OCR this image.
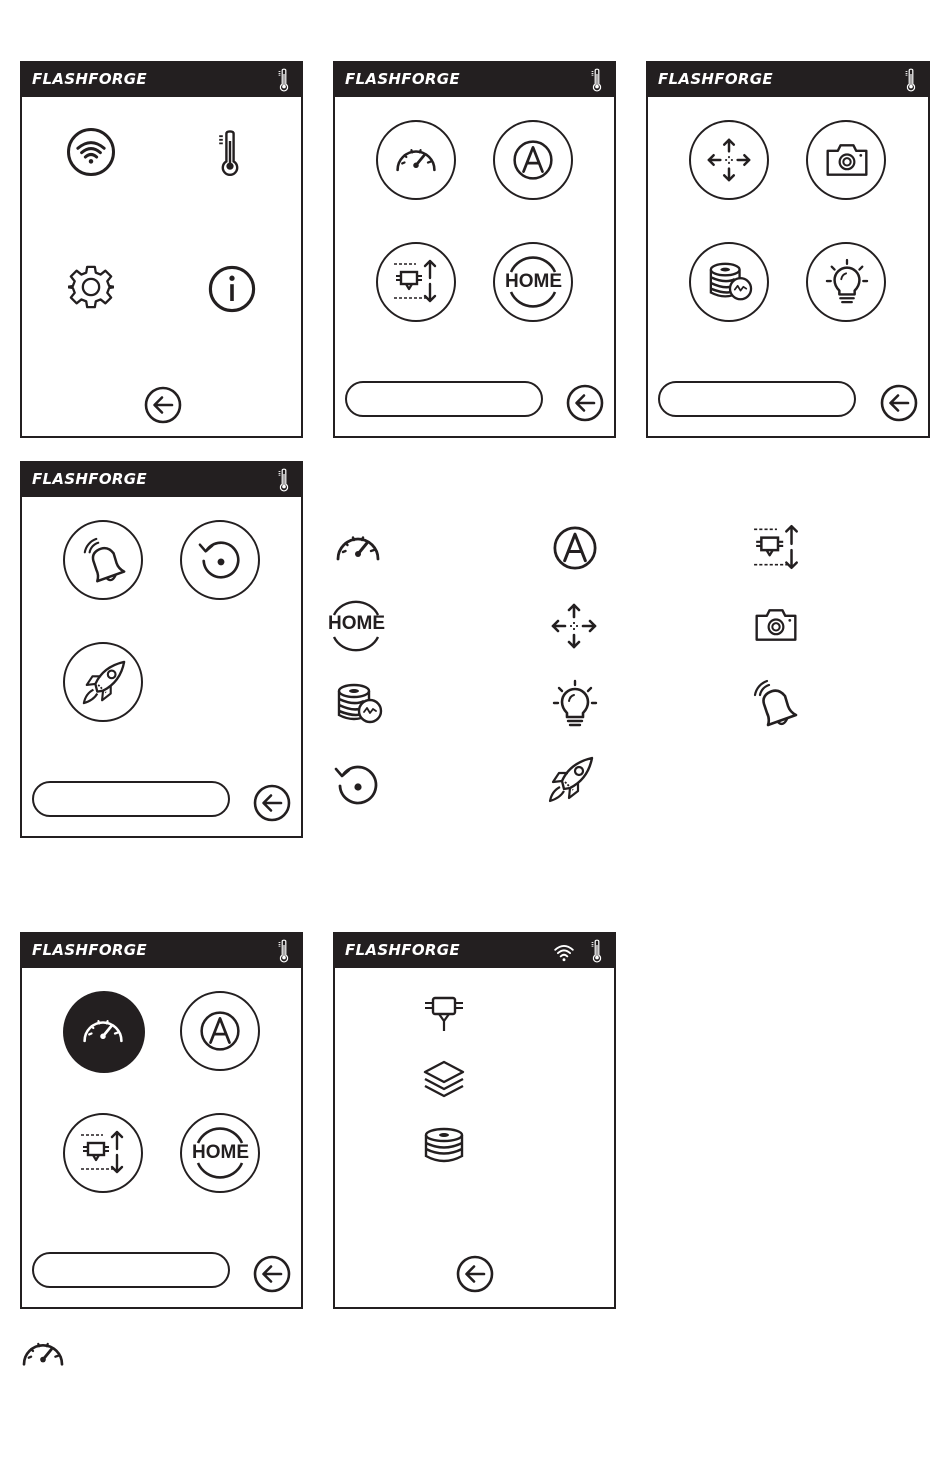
FLASHFORGE	FLASHFORGE
HOME
FLASHFORGE
FLASHFORGE
HOME
FLASHFORGE
HOME
FLASHFORGE
